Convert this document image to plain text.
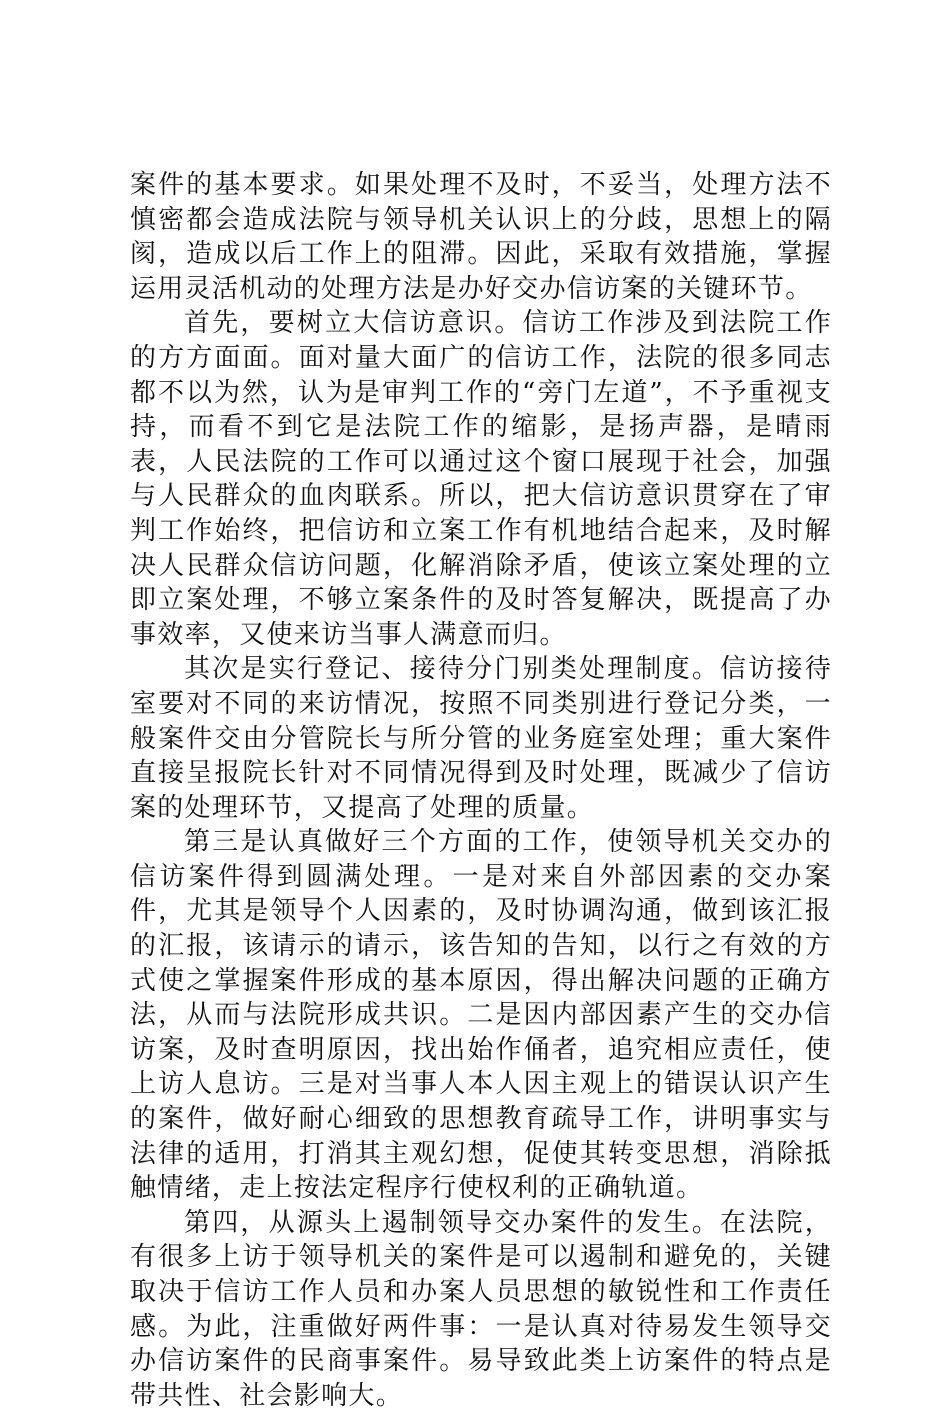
案件的基本要求。如果处理不及时，不妥当，处理方法不慎密都会造成法院与领导机关认识上的分歧，思想上的隔阂，造成以后工作上的阻滞。因此，采取有效措施，掌握运用灵活机动的处理方法是办好交办信访案的关键环节。

首先，要树立大信访意识。信访工作涉及到法院工作的方方面面。面对量大面广的信访工作，法院的很多同志都不以为然，认为是审判工作的“旁门左道”，不予重视支持，而看不到它是法院工作的缩影，是扬声器，是晴雨表，人民法院的工作可以通过这个窗口展现于社会，加强与人民群众的血肉联系。所以，把大信访意识贯穿在了审判工作始终，把信访和立案工作有机地结合起来，及时解决人民群众信访问题，化解消除矛盾，使该立案处理的立即立案处理，不够立案条件的及时答复解决，既提高了办事效率，又使来访当事人满意而归。

其次是实行登记、接待分门别类处理制度。信访接待室要对不同的来访情况，按照不同类别进行登记分类，一般案件交由分管院长与所分管的业务庭室处理；重大案件直接呈报院长针对不同情况得到及时处理，既减少了信访案的处理环节，又提高了处理的质量。

第三是认真做好三个方面的工作，使领导机关交办的信访案件得到圆满处理。一是对来自外部因素的交办案件，尤其是领导个人因素的，及时协调沟通，做到该汇报的汇报，该请示的请示，该告知的告知，以行之有效的方式使之掌握案件形成的基本原因，得出解决问题的正确方法，从而与法院形成共识。二是因内部因素产生的交办信访案，及时查明原因，找出始作俑者，追究相应责任，使上访人息访。三是对当事人本人因主观上的错误认识产生的案件，做好耐心细致的思想教育疏导工作，讲明事实与法律的适用，打消其主观幻想，促使其转变思想，消除抵触情绪，走上按法定程序行使权利的正确轨道。

第四，从源头上遏制领导交办案件的发生。在法院，有很多上访于领导机关的案件是可以遏制和避免的，关键取决于信访工作人员和办案人员思想的敏锐性和工作责任感。为此，注重做好两件事：一是认真对待易发生领导交办信访案件的民商事案件。易导致此类上访案件的特点是带共性、社会影响大。
